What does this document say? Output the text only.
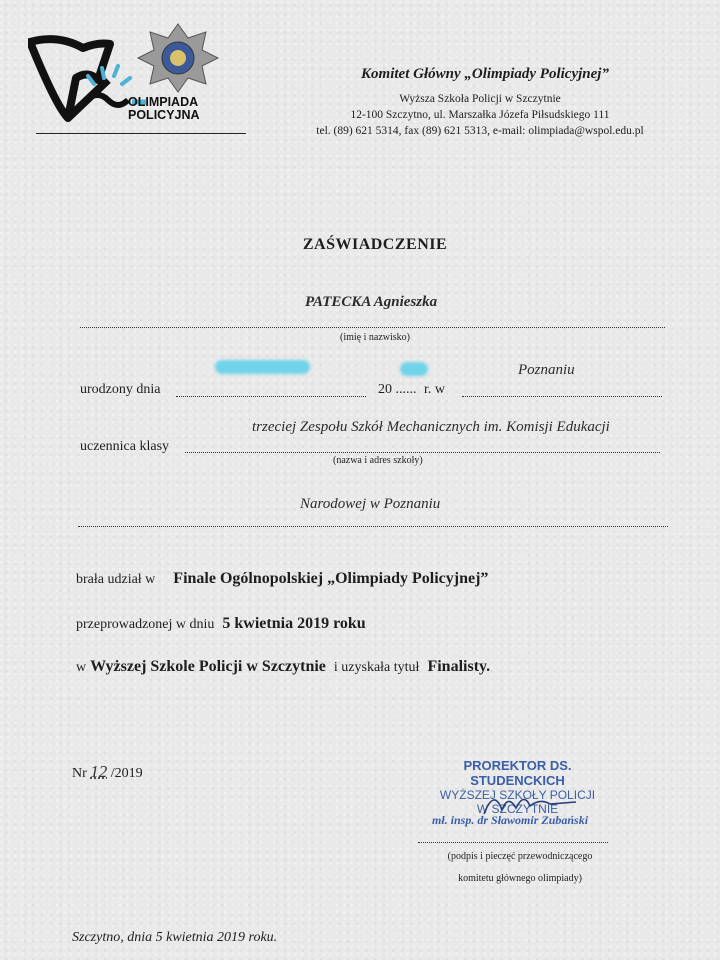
OLIMPIADA
POLICYJNA
Komitet Główny „Olimpiady Policyjnej”
Wyższa Szkoła Policji w Szczytnie
12-100 Szczytno, ul. Marszałka Józefa Piłsudskiego 111
tel. (89) 621 5314, fax (89) 621 5313, e-mail: olimpiada@wspol.edu.pl
ZAŚWIADCZENIE
PATECKA Agnieszka
(imię i nazwisko)
Poznaniu
urodzony dnia	20 ...... r. w
trzeciej Zespołu Szkół Mechanicznych im. Komisji Edukacji
uczennica klasy
(nazwa i adres szkoły)
Narodowej w Poznaniu
brała udział w Finale Ogólnopolskiej „Olimpiady Policyjnej”
przeprowadzonej w dniu 5 kwietnia 2019 roku
w Wyższej Szkole Policji w Szczytnie i uzyskała tytuł Finalisty.
Nr 12 /2019
PROREKTOR DS. STUDENCKICH
WYŻSZEJ SZKOŁY POLICJI
W SZCZYTNIE
mł. insp. dr Sławomir Zubański
(podpis i pieczęć przewodniczącego
komitetu głównego olimpiady)
Szczytno, dnia 5 kwietnia 2019 roku.
